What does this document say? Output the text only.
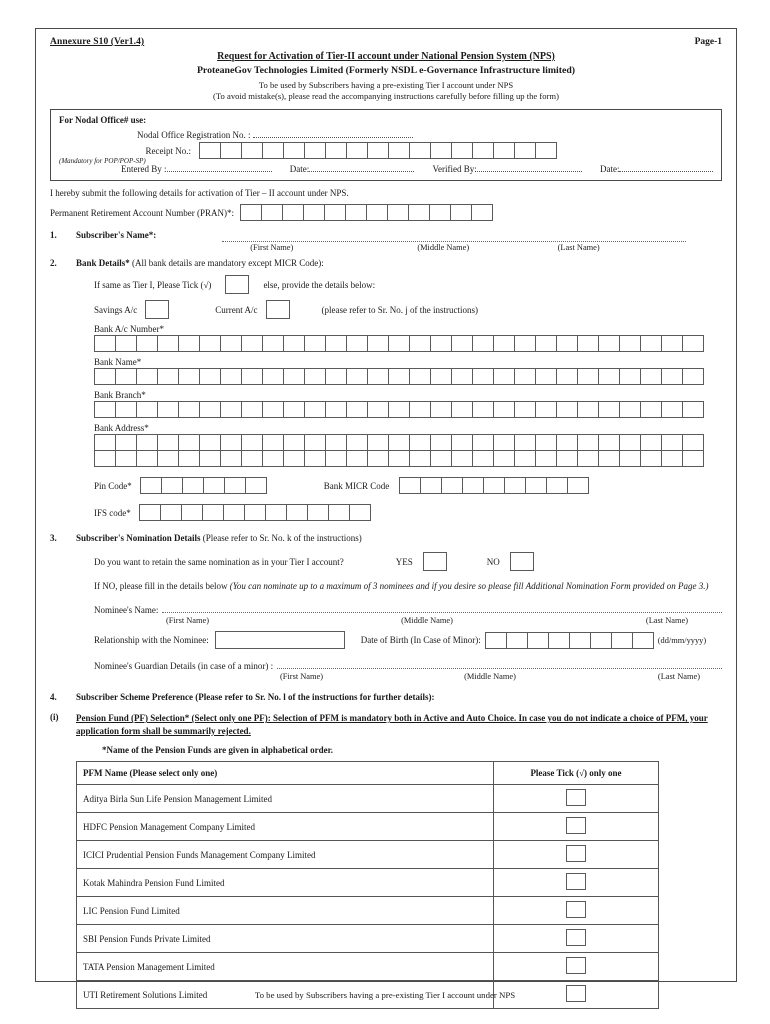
Annexure S10 (Ver1.4)	Page-1
Request for Activation of Tier-II account under National Pension System (NPS)
ProteaneGov Technologies Limited (Formerly NSDL e-Governance Infrastructure limited)
To be used by Subscribers having a pre-existing Tier I account under NPS
(To avoid mistake(s), please read the accompanying instructions carefully before filling up the form)
For Nodal Office# use:
Nodal Office Registration No. :
Receipt No.:
(Mandatory for POP/POP-SP)
Entered By :	Date:	Verified By:	Date:
I hereby submit the following details for activation of Tier – II account under NPS.
Permanent Retirement Account Number (PRAN)*:
1.	Subscriber's Name*:
(First Name)	(Middle Name)	(Last Name)
2.	Bank Details* (All bank details are mandatory except MICR Code):
If same as Tier I, Please Tick (√)	else, provide the details below:
Savings A/c	Current A/c	(please refer to Sr. No. j of the instructions)
Bank A/c Number*
Bank Name*
Bank Branch*
Bank Address*
Pin Code*	Bank MICR Code
IFS code*
3.	Subscriber's Nomination Details (Please refer to Sr. No. k of the instructions)
Do you want to retain the same nomination as in your Tier I account?	YES	NO
If NO, please fill in the details below (You can nominate up to a maximum of 3 nominees and if you desire so please fill Additional Nomination Form provided on Page 3.)
Nominee's Name:
(First Name)	(Middle Name)	(Last Name)
Relationship with the Nominee:	Date of Birth (In Case of Minor):	(dd/mm/yyyy)
Nominee's Guardian Details (in case of a minor) :
(First Name)	(Middle Name)	(Last Name)
4.	Subscriber Scheme Preference (Please refer to Sr. No. l of the instructions for further details):
(i)	Pension Fund (PF) Selection* (Select only one PF): Selection of PFM is mandatory both in Active and Auto Choice. In case you do not indicate a choice of PFM, your application form shall be summarily rejected.
*Name of the Pension Funds are given in alphabetical order.
PFM Name (Please select only one)	Please Tick (√) only one
Aditya Birla Sun Life Pension Management Limited	
HDFC Pension Management Company Limited	
ICICI Prudential Pension Funds Management Company Limited	
Kotak Mahindra Pension Fund Limited	
LIC Pension Fund Limited	
SBI Pension Funds Private Limited	
TATA Pension Management Limited	
UTI Retirement Solutions Limited		To be used by Subscribers having a pre-existing Tier I account under NPS
